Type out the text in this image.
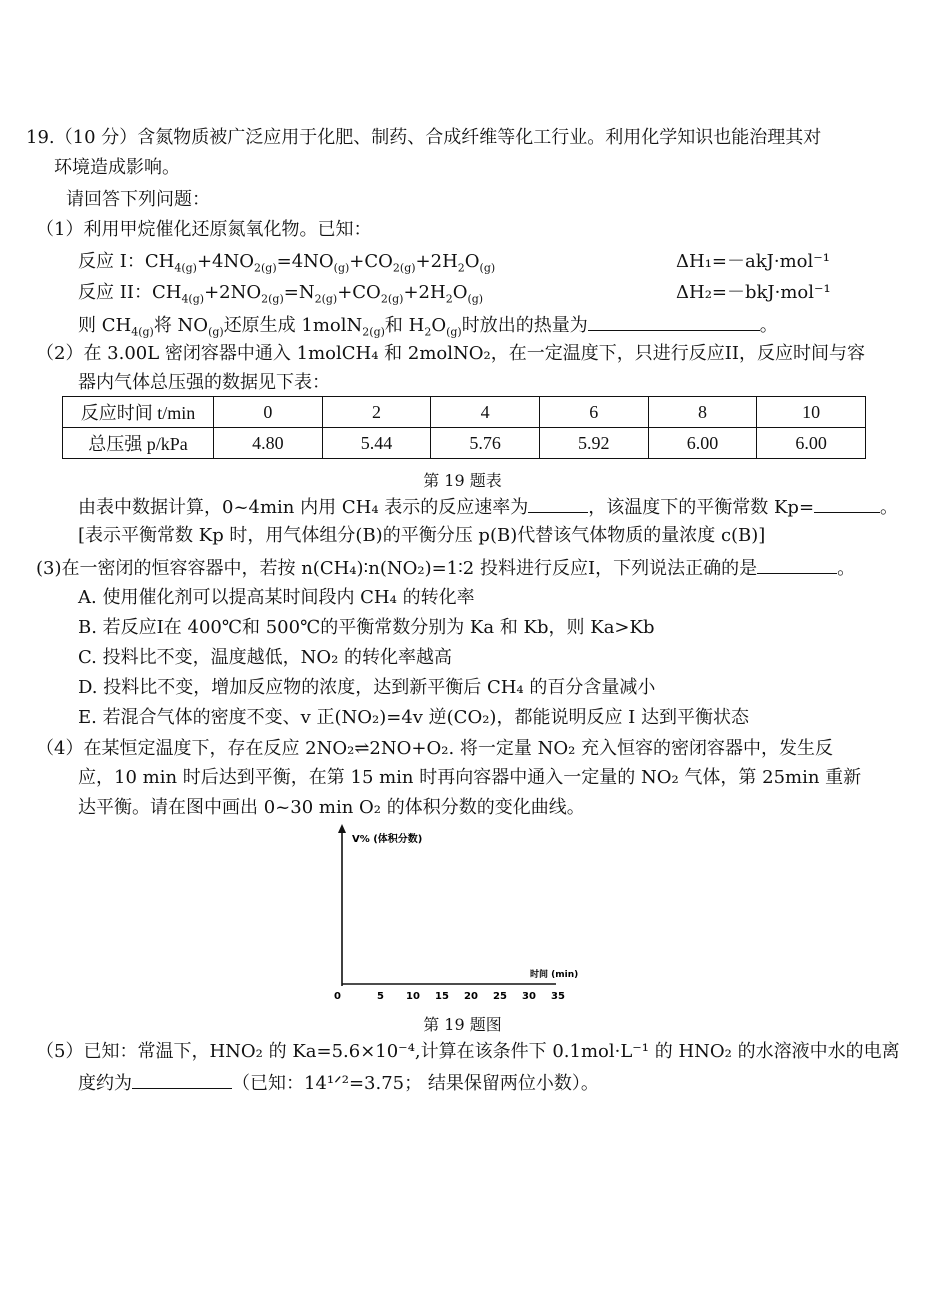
19.（10 分）含氮物质被广泛应用于化肥、制药、合成纤维等化工行业。利用化学知识也能治理其对
环境造成影响。
请回答下列问题：
（1）利用甲烷催化还原氮氧化物。已知：
反应 I：$CH_{4(g)}+4NO_{2(g)}=4NO_{(g)}+CO_{2(g)}+2H_2O_{(g)}$	ΔH₁=－akJ·mol⁻¹
反应 II：$CH_{4(g)}+2NO_{2(g)}=N_{2(g)}+CO_{2(g)}+2H_2O_{(g)}$	ΔH₂=－bkJ·mol⁻¹
则 $CH_{4(g)}$将 $NO_{(g)}$还原生成 1molN$_{2(g)}$和 $H_2O_{(g)}$时放出的热量为	。
（2）在 3.00L 密闭容器中通入 1molCH₄ 和 2molNO₂，在一定温度下，只进行反应II，反应时间与容
器内气体总压强的数据见下表：
反应时间 t/min	0	2	4	6	8	10
总压强 p/kPa	4.80	5.44	5.76	5.92	6.00	6.00
第 19 题表
由表中数据计算，0~4min 内用 CH₄ 表示的反应速率为	，该温度下的平衡常数 Kp=	。
[表示平衡常数 Kp 时，用气体组分(B)的平衡分压 p(B)代替该气体物质的量浓度 c(B)]
(3)在一密闭的恒容容器中，若按 n(CH₄)∶n(NO₂)=1∶2 投料进行反应I，下列说法正确的是	。
A. 使用催化剂可以提高某时间段内 CH₄ 的转化率
B. 若反应I在 400℃和 500℃的平衡常数分别为 Ka 和 Kb，则 Ka>Kb
C. 投料比不变，温度越低，NO₂ 的转化率越高
D. 投料比不变，增加反应物的浓度，达到新平衡后 CH₄ 的百分含量减小
E. 若混合气体的密度不变、v 正(NO₂)=4v 逆(CO₂)，都能说明反应 I 达到平衡状态
（4）在某恒定温度下，存在反应 2NO₂⇌2NO+O₂. 将一定量 NO₂ 充入恒容的密闭容器中，发生反
应，10 min 时后达到平衡，在第 15 min 时再向容器中通入一定量的 NO₂ 气体，第 25min 重新
达平衡。请在图中画出 0~30 min O₂ 的体积分数的变化曲线。
V% (体积分数)
时间 (min)
0	5 10 15 20 25 30 35
第 19 题图
（5）已知：常温下，HNO₂ 的 Ka=5.6×10⁻⁴,计算在该条件下 0.1mol·L⁻¹ 的 HNO₂ 的水溶液中水的电离
度约为	（已知：14¹ᐟ²=3.75； 结果保留两位小数）。
